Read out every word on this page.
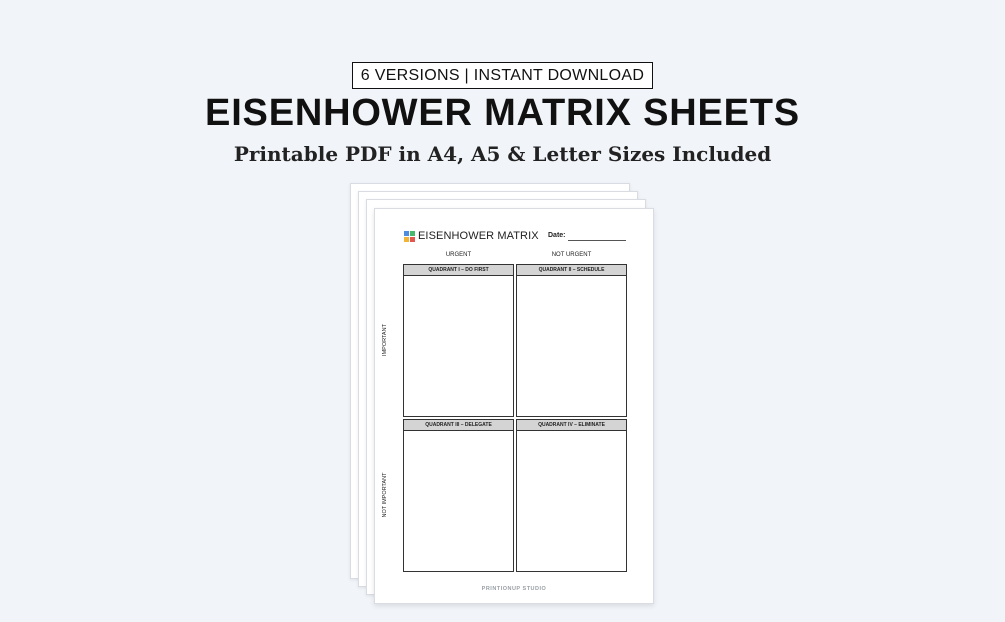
6 VERSIONS | INSTANT DOWNLOAD
EISENHOWER MATRIX SHEETS
Printable PDF in A4, A5 & Letter Sizes Included
EISENHOWER MATRIX Date:
URGENT	NOT URGENT
IMPORTANT
NOT IMPORTANT
QUADRANT I – DO FIRST	QUADRANT II – SCHEDULE
QUADRANT III – DELEGATE	QUADRANT IV – ELIMINATE
PRINTIONUP STUDIO
